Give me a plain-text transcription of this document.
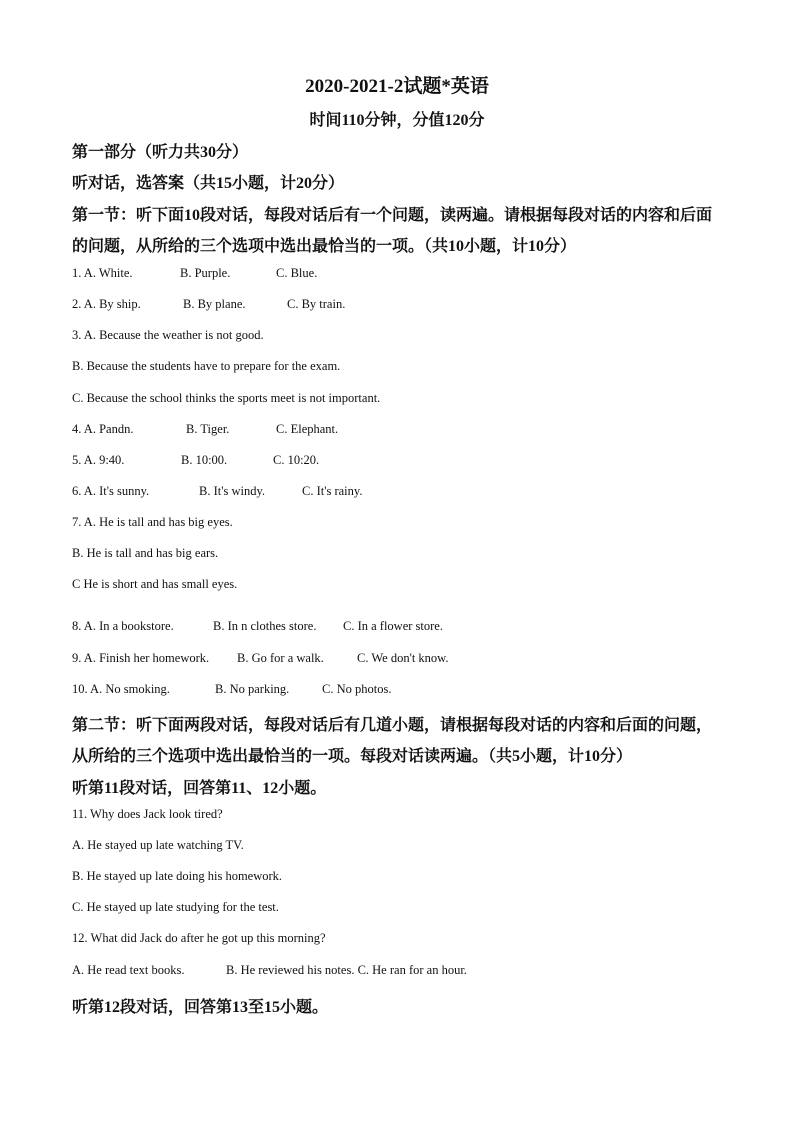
2020-2021-2试题*英语
时间110分钟，分值120分
第一部分（听力共30分）
听对话，选答案（共15小题，计20分）
第一节：听下面10段对话，每段对话后有一个问题，读两遍。请根据每段对话的内容和后面
的问题，从所给的三个选项中选出最恰当的一项。（共10小题，计10分）
1. A. White.	B. Purple.	C. Blue.
2. A. By ship.	B. By plane.	C. By train.
3. A. Because the weather is not good.
B. Because the students have to prepare for the exam.
C. Because the school thinks the sports meet is not important.
4. A. Pandn.	B. Tiger.	C. Elephant.
5. A. 9:40.	B. 10:00.	C. 10:20.
6. A. It's sunny.	B. It's windy.	C. It's rainy.
7. A. He is tall and has big eyes.
B. He is tall and has big ears.
C He is short and has small eyes.
8. A. In a bookstore.	B. In n clothes store. C. In a flower store.
9. A. Finish her homework. B. Go for a walk.	C. We don't know.
10. A. No smoking.	B. No parking.	C. No photos.
第二节：听下面两段对话，每段对话后有几道小题，请根据每段对话的内容和后面的问题，
从所给的三个选项中选出最恰当的一项。每段对话读两遍。（共5小题，计10分）
听第11段对话，回答第11、12小题。
11. Why does Jack look tired?
A. He stayed up late watching TV.
B. He stayed up late doing his homework.
C. He stayed up late studying for the test.
12. What did Jack do after he got up this morning?
A. He read text books.	B. He reviewed his notes. C. He ran for an hour.
听第12段对话，回答第13至15小题。
